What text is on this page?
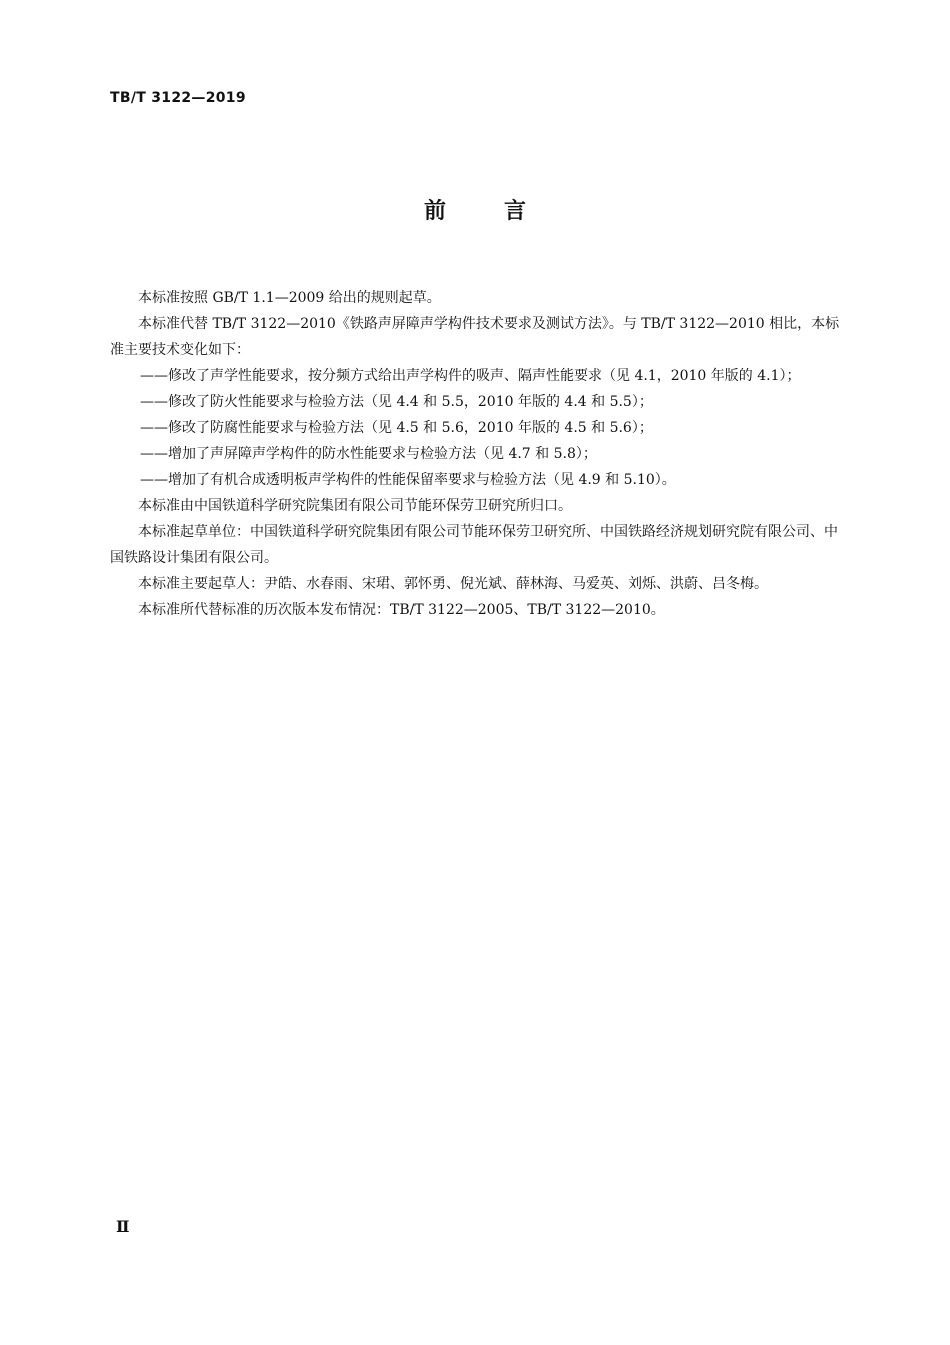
TB/T 3122—2019
前	言

本标准按照 GB/T 1.1—2009 给出的规则起草。

本标准代替 TB/T 3122—2010《铁路声屏障声学构件技术要求及测试方法》。与 TB/T 3122—2010 相比，本标准主要技术变化如下：

——修改了声学性能要求，按分频方式给出声学构件的吸声、隔声性能要求（见 4.1，2010 年版的 4.1）；

——修改了防火性能要求与检验方法（见 4.4 和 5.5，2010 年版的 4.4 和 5.5）；

——修改了防腐性能要求与检验方法（见 4.5 和 5.6，2010 年版的 4.5 和 5.6）；

——增加了声屏障声学构件的防水性能要求与检验方法（见 4.7 和 5.8）；

——增加了有机合成透明板声学构件的性能保留率要求与检验方法（见 4.9 和 5.10）。

本标准由中国铁道科学研究院集团有限公司节能环保劳卫研究所归口。

本标准起草单位：中国铁道科学研究院集团有限公司节能环保劳卫研究所、中国铁路经济规划研究院有限公司、中国铁路设计集团有限公司。

本标准主要起草人：尹皓、水春雨、宋珺、郭怀勇、倪光斌、薛林海、马爱英、刘烁、洪蔚、吕冬梅。

本标准所代替标准的历次版本发布情况：TB/T 3122—2005、TB/T 3122—2010。

Ⅱ
